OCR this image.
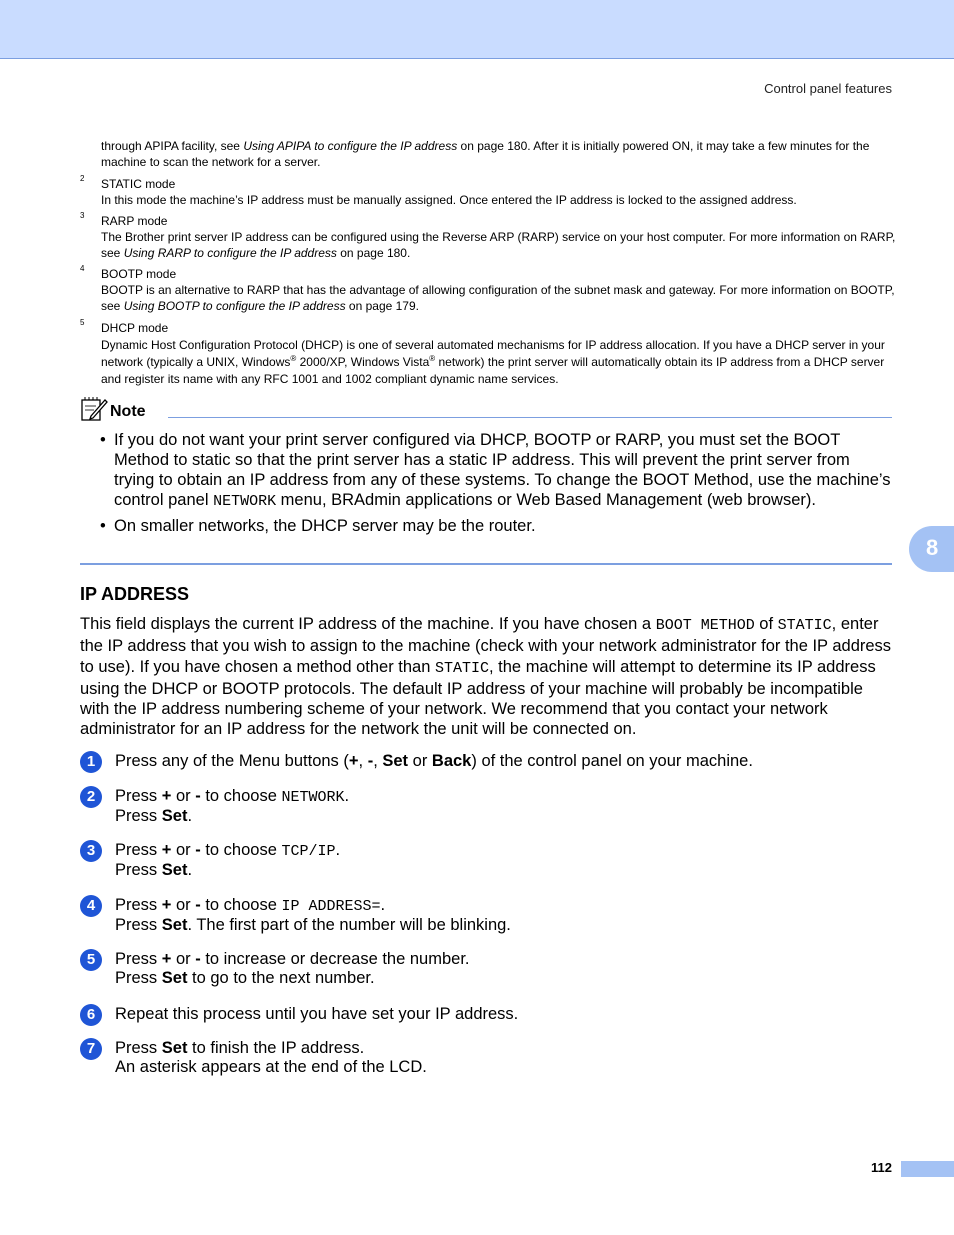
Control panel features
through APIPA facility, see Using APIPA to configure the IP address on page 180. After it is initially powered ON, it may take a few minutes for the machine to scan the network for a server.
2 STATIC mode
In this mode the machine’s IP address must be manually assigned. Once entered the IP address is locked to the assigned address.
3 RARP mode
The Brother print server IP address can be configured using the Reverse ARP (RARP) service on your host computer. For more information on RARP, see Using RARP to configure the IP address on page 180.
4 BOOTP mode
BOOTP is an alternative to RARP that has the advantage of allowing configuration of the subnet mask and gateway. For more information on BOOTP, see Using BOOTP to configure the IP address on page 179.
5 DHCP mode
Dynamic Host Configuration Protocol (DHCP) is one of several automated mechanisms for IP address allocation. If you have a DHCP server in your network (typically a UNIX, Windows® 2000/XP, Windows Vista® network) the print server will automatically obtain its IP address from a DHCP server and register its name with any RFC 1001 and 1002 compliant dynamic name services.
Note
• If you do not want your print server configured via DHCP, BOOTP or RARP, you must set the BOOT Method to static so that the print server has a static IP address. This will prevent the print server from trying to obtain an IP address from any of these systems. To change the BOOT Method, use the machine’s control panel NETWORK menu, BRAdmin applications or Web Based Management (web browser).
• On smaller networks, the DHCP server may be the router.
8
IP ADDRESS
This field displays the current IP address of the machine. If you have chosen a BOOT METHOD of STATIC, enter the IP address that you wish to assign to the machine (check with your network administrator for the IP address to use). If you have chosen a method other than STATIC, the machine will attempt to determine its IP address using the DHCP or BOOTP protocols. The default IP address of your machine will probably be incompatible with the IP address numbering scheme of your network. We recommend that you contact your network administrator for an IP address for the network the unit will be connected on.
1	Press any of the Menu buttons (+, -, Set or Back) of the control panel on your machine.
2	Press + or - to choose NETWORK.
Press Set.
3	Press + or - to choose TCP/IP.
Press Set.
4	Press + or - to choose IP ADDRESS=.
Press Set. The first part of the number will be blinking.
5	Press + or - to increase or decrease the number.
Press Set to go to the next number.
6	Repeat this process until you have set your IP address.
7	Press Set to finish the IP address.
An asterisk appears at the end of the LCD.
112
